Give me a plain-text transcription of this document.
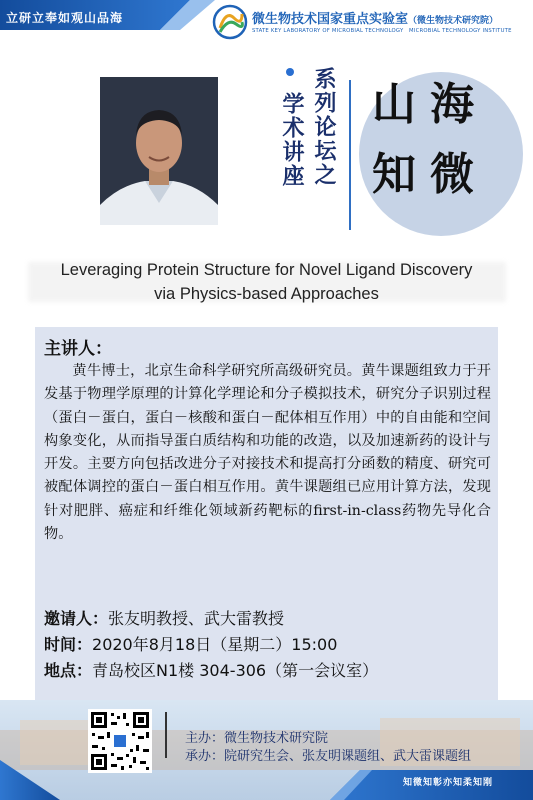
立研立奉如观山品海	微生物技术国家重点实验室（微生物技术研究院）
STATE KEY LABORATORY OF MICROBIAL TECHNOLOGY MICROBIAL TECHNOLOGY INSTITUTE
系列论坛之
学术讲座 山 海
知 微
Leveraging Protein Structure for Novel Ligand Discovery
via Physics-based Approaches
主讲人：
黄牛博士，北京生命科学研究所高级研究员。黄牛课题组致力于开发基于物理学原理的计算化学理论和分子模拟技术，研究分子识别过程（蛋白－蛋白，蛋白－核酸和蛋白－配体相互作用）中的自由能和空间构象变化，从而指导蛋白质结构和功能的改造，以及加速新药的设计与开发。主要方向包括改进分子对接技术和提高打分函数的精度、研究可被配体调控的蛋白－蛋白相互作用。黄牛课题组已应用计算方法，发现针对肥胖、癌症和纤维化领域新药靶标的first-in-class药物先导化合物。
邀请人：张友明教授、武大雷教授
时间：2020年8月18日（星期二）15:00
地点：青岛校区N1楼 304-306（第一会议室）
主办：微生物技术研究院
承办：院研究生会、张友明课题组、武大雷课题组
知微知彰亦知柔知刚
